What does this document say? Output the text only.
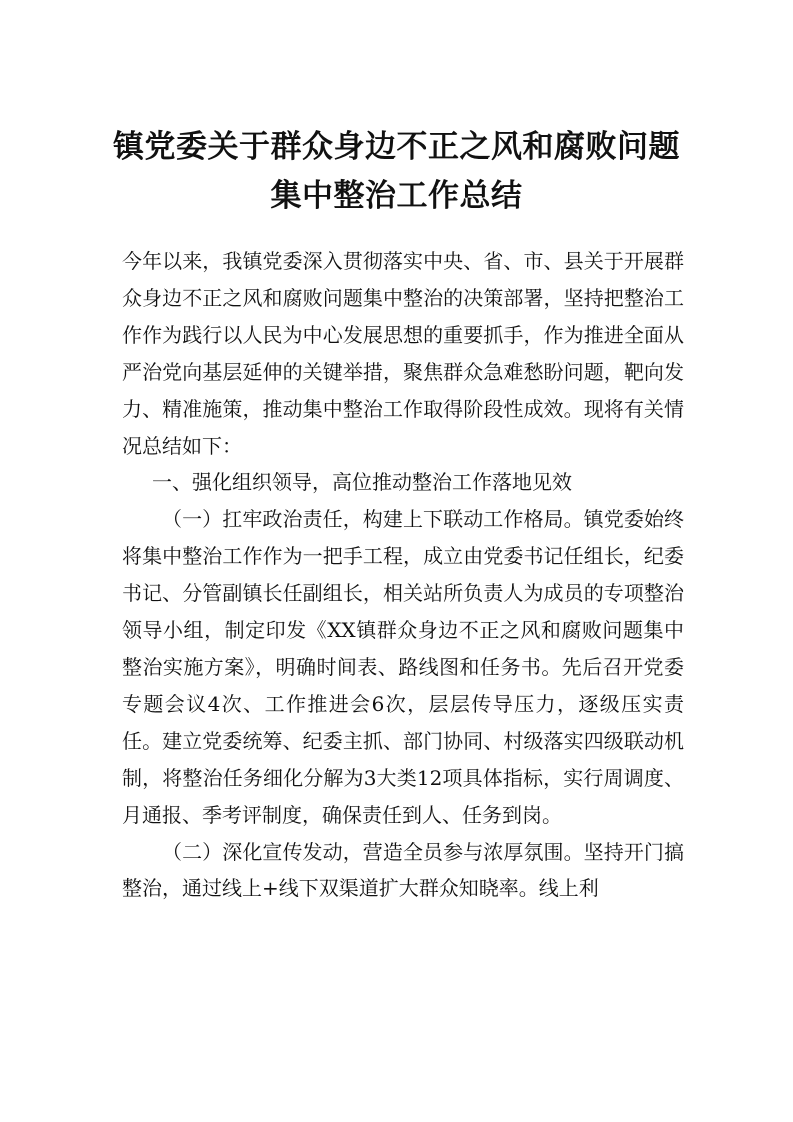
镇党委关于群众身边不正之风和腐败问题
集中整治工作总结

今年以来，我镇党委深入贯彻落实中央、省、市、县关于开展群众身边不正之风和腐败问题集中整治的决策部署，坚持把整治工作作为践行以人民为中心发展思想的重要抓手，作为推进全面从严治党向基层延伸的关键举措，聚焦群众急难愁盼问题，靶向发力、精准施策，推动集中整治工作取得阶段性成效。现将有关情况总结如下：

一、强化组织领导，高位推动整治工作落地见效

（一）扛牢政治责任，构建上下联动工作格局。镇党委始终将集中整治工作作为一把手工程，成立由党委书记任组长，纪委书记、分管副镇长任副组长，相关站所负责人为成员的专项整治领导小组，制定印发《XX镇群众身边不正之风和腐败问题集中整治实施方案》，明确时间表、路线图和任务书。先后召开党委专题会议4次、工作推进会6次，层层传导压力，逐级压实责任。建立党委统筹、纪委主抓、部门协同、村级落实四级联动机制，将整治任务细化分解为3大类12项具体指标，实行周调度、月通报、季考评制度，确保责任到人、任务到岗。

（二）深化宣传发动，营造全员参与浓厚氛围。坚持开门搞整治，通过线上+线下双渠道扩大群众知晓率。线上利
